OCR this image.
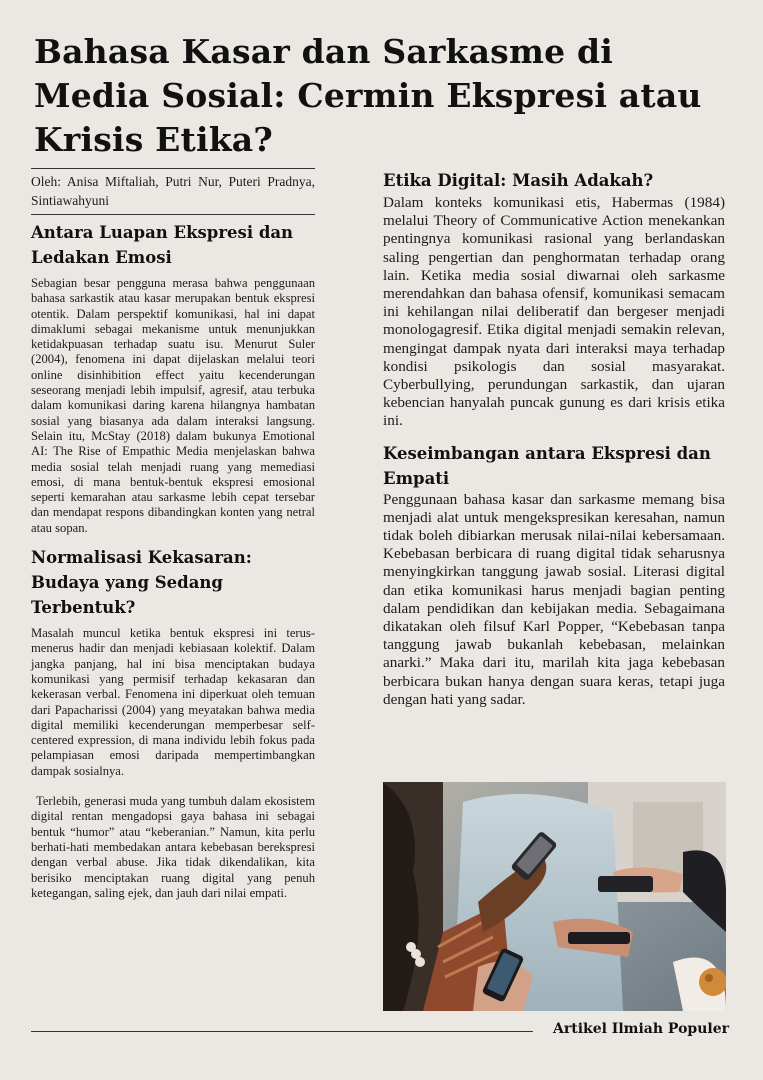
Bahasa Kasar dan Sarkasme di Media Sosial: Cermin Ekspresi atau Krisis Etika?
Oleh: Anisa Miftaliah, Putri Nur, Puteri Pradnya, Sintiawahyuni
Antara Luapan Ekspresi dan Ledakan Emosi

Sebagian besar pengguna merasa bahwa penggunaan bahasa sarkastik atau kasar merupakan bentuk ekspresi otentik. Dalam perspektif komunikasi, hal ini dapat dimaklumi sebagai mekanisme untuk menunjukkan ketidakpuasan terhadap suatu isu. Menurut Suler (2004), fenomena ini dapat dijelaskan melalui teori online disinhibition effect yaitu kecenderungan seseorang menjadi lebih impulsif, agresif, atau terbuka dalam komunikasi daring karena hilangnya hambatan sosial yang biasanya ada dalam interaksi langsung. Selain itu, McStay (2018) dalam bukunya Emotional AI: The Rise of Empathic Media menjelaskan bahwa media sosial telah menjadi ruang yang memediasi emosi, di mana bentuk-bentuk ekspresi emosional seperti kemarahan atau sarkasme lebih cepat tersebar dan mendapat respons dibandingkan konten yang netral atau sopan.

Normalisasi Kekasaran: Budaya yang Sedang Terbentuk?

Masalah muncul ketika bentuk ekspresi ini terus-menerus hadir dan menjadi kebiasaan kolektif. Dalam jangka panjang, hal ini bisa menciptakan budaya komunikasi yang permisif terhadap kekasaran dan kekerasan verbal. Fenomena ini diperkuat oleh temuan dari Papacharissi (2004) yang meyatakan bahwa media digital memiliki kecenderungan memperbesar self-centered expression, di mana individu lebih fokus pada pelampiasan emosi daripada mempertimbangkan dampak sosialnya.

Terlebih, generasi muda yang tumbuh dalam ekosistem digital rentan mengadopsi gaya bahasa ini sebagai bentuk “humor” atau “keberanian.” Namun, kita perlu berhati-hati membedakan antara kebebasan berekspresi dengan verbal abuse. Jika tidak dikendalikan, kita berisiko menciptakan ruang digital yang penuh ketegangan, saling ejek, dan jauh dari nilai empati.

Etika Digital: Masih Adakah?

Dalam konteks komunikasi etis, Habermas (1984) melalui Theory of Communicative Action menekankan pentingnya komunikasi rasional yang berlandaskan saling pengertian dan penghormatan terhadap orang lain. Ketika media sosial diwarnai oleh sarkasme merendahkan dan bahasa ofensif, komunikasi semacam ini kehilangan nilai deliberatif dan bergeser menjadi monologagresif. Etika digital menjadi semakin relevan, mengingat dampak nyata dari interaksi maya terhadap kondisi psikologis dan sosial masyarakat. Cyberbullying, perundungan sarkastik, dan ujaran kebencian hanyalah puncak gunung es dari krisis etika ini.

Keseimbangan antara Ekspresi dan Empati

Penggunaan bahasa kasar dan sarkasme memang bisa menjadi alat untuk mengekspresikan keresahan, namun tidak boleh dibiarkan merusak nilai-nilai kebersamaan. Kebebasan berbicara di ruang digital tidak seharusnya menyingkirkan tanggung jawab sosial. Literasi digital dan etika komunikasi harus menjadi bagian penting dalam pendidikan dan kebijakan media. Sebagaimana dikatakan oleh filsuf Karl Popper, “Kebebasan tanpa tanggung jawab bukanlah kebebasan, melainkan anarki.” Maka dari itu, marilah kita jaga kebebasan berbicara bukan hanya dengan suara keras, tetapi juga dengan hati yang sadar.

Artikel Ilmiah Populer
